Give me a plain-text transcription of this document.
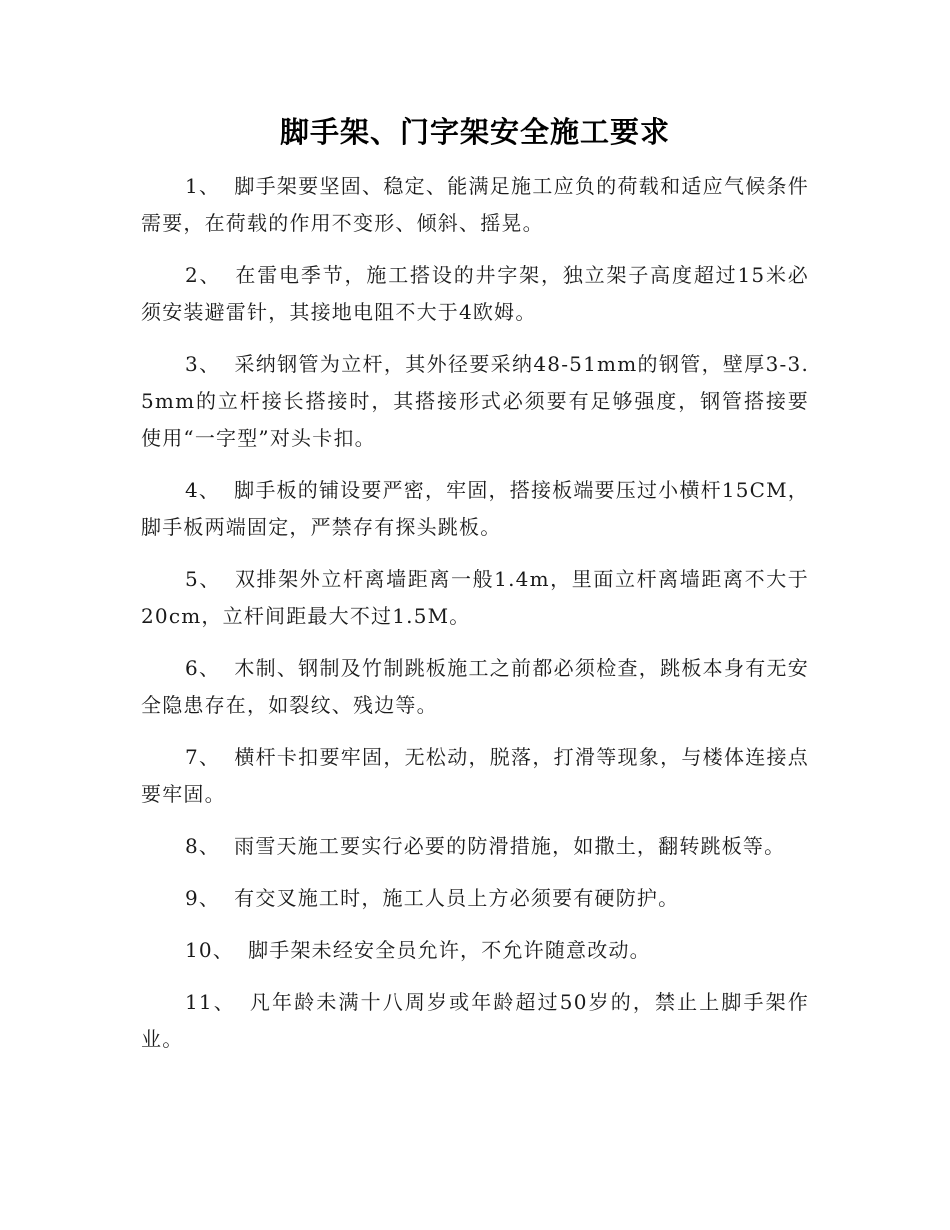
脚手架、门字架安全施工要求

1、 脚手架要坚固、稳定、能满足施工应负的荷载和适应气候条件需要，在荷载的作用不变形、倾斜、摇晃。

2、 在雷电季节，施工搭设的井字架，独立架子高度超过15米必须安装避雷针，其接地电阻不大于4欧姆。

3、 采纳钢管为立杆，其外径要采纳48-51mm的钢管，壁厚3-3.5mm的立杆接长搭接时，其搭接形式必须要有足够强度，钢管搭接要使用“一字型”对头卡扣。

4、 脚手板的铺设要严密，牢固，搭接板端要压过小横杆15CM，脚手板两端固定，严禁存有探头跳板。

5、 双排架外立杆离墙距离一般1.4m，里面立杆离墙距离不大于20cm，立杆间距最大不过1.5M。

6、 木制、钢制及竹制跳板施工之前都必须检查，跳板本身有无安全隐患存在，如裂纹、残边等。

7、 横杆卡扣要牢固，无松动，脱落，打滑等现象，与楼体连接点要牢固。

8、 雨雪天施工要实行必要的防滑措施，如撒土，翻转跳板等。

9、 有交叉施工时，施工人员上方必须要有硬防护。

10、 脚手架未经安全员允许，不允许随意改动。

11、 凡年龄未满十八周岁或年龄超过50岁的，禁止上脚手架作业。
